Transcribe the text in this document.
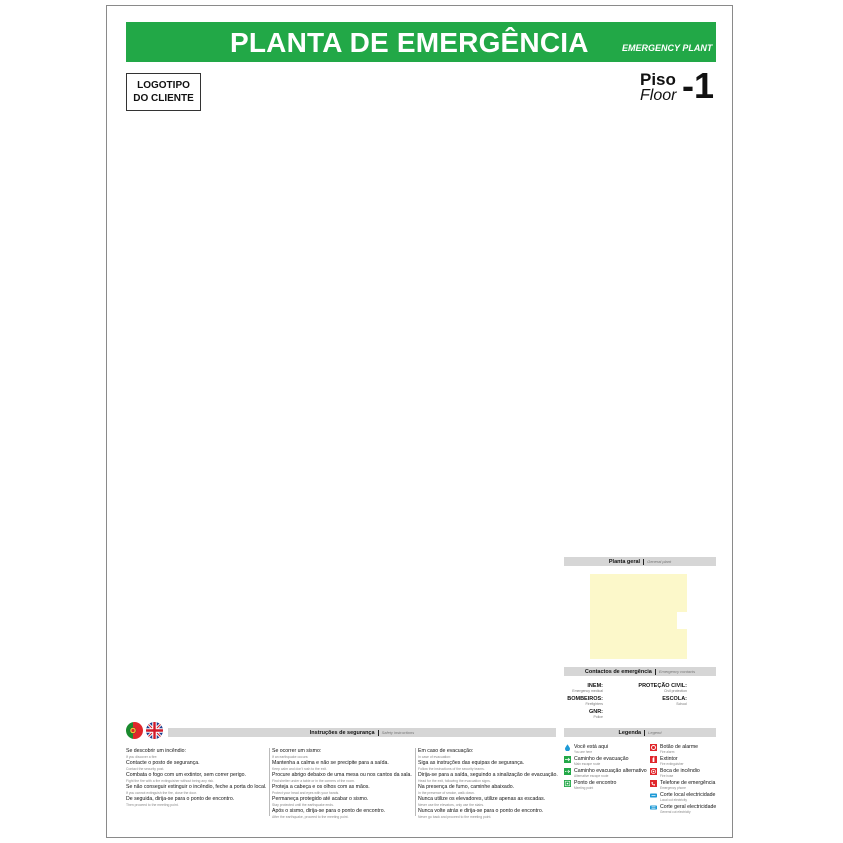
PLANTA DE EMERGÊNCIA	EMERGENCY PLANT
LOGOTIPO
DO CLIENTE
Piso
Floor -1
Planta geral General plant
Contactos de emergência Emergency contacts
INEM:
Emergency medical
PROTEÇÃO CIVIL:
Civil protection
BOMBEIROS:
Firefighters
ESCOLA:
School
GNR:
Police
Instruções de segurança Safety instructions
Se descobrir um incêndio:
If you discover a fire:
Contacte o posto de segurança.
Contact the security post.
Combata o fogo com um extintor, sem correr perigo.
Fight the fire with a fire extinguisher without being any risk.
Se não conseguir extinguir o incêndio, feche a porta do local.
If you cannot extinguish the fire, close the door.
De seguida, dirija-se para o ponto de encontro.
Then proceed to the meeting point.
Se ocorrer um sismo:
If an earthquake occurs:
Mantenha a calma e não se precipite para a saída.
Keep calm and don't rush to the exit.
Procure abrigo debaixo de uma mesa ou nos cantos da sala.
Find shelter under a table or in the corners of the room.
Proteja a cabeça e os olhos com as mãos.
Protect your head and eyes with your hands.
Permaneça protegido até acabar o sismo.
Stay protected until the earthquake ends.
Após o sismo, dirija-se para o ponto de encontro.
After the earthquake, proceed to the meeting point.
Em caso de evacuação:
In case of evacuation:
Siga as instruções das equipas de segurança.
Follow the instructions of the security teams.
Dirija-se para a saída, seguindo a sinalização de evacuação.
Head for the exit, following the evacuation signs.
Na presença de fumo, caminhe abaixado.
In the presence of smoke, walk down.
Nunca utilize os elevadores, utilize apenas as escadas.
Never use the elevators, only use the stairs.
Nunca volte atrás e dirija-se para o ponto de encontro.
Never go back and proceed to the meeting point.
Legenda Legend
Você está aqui
You are here
Botão de alarme
Fire alarm
Caminho de evacuação
Main escape route
Extintor
Fire extinguisher
Caminho evacuação alternativo
Alternative escape route
Boca de incêndio
Fire hose
Ponto de encontro
Meeting point
Telefone de emergência
Emergency phone
Corte local electricidade
Local cut electricity
Corte geral electricidade
General cut electricity
